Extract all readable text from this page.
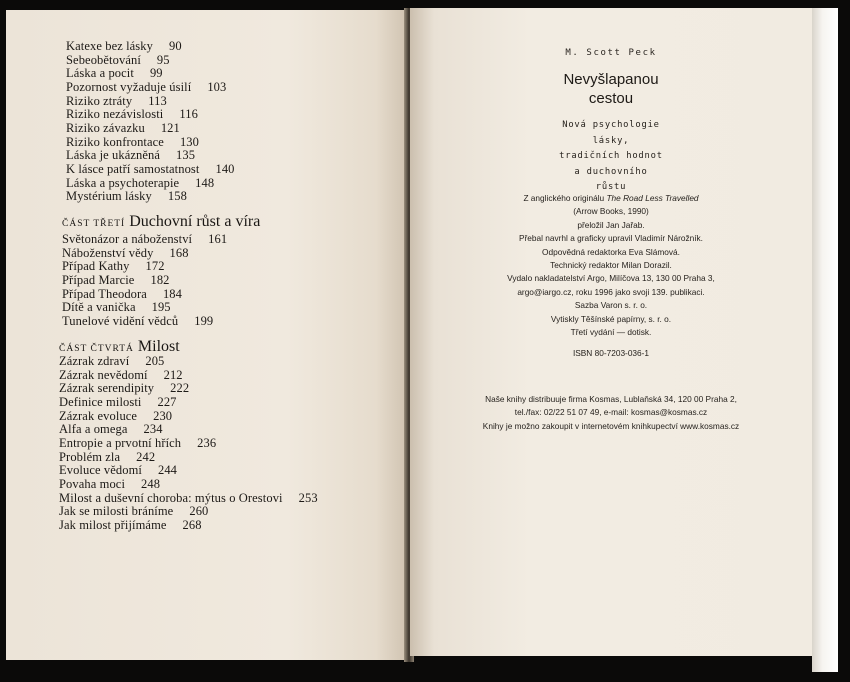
Katexe bez lásky 90
Sebeobětování 95
Láska a pocit 99
Pozornost vyžaduje úsilí 103
Riziko ztráty 113
Riziko nezávislosti 116
Riziko závazku 121
Riziko konfrontace 130
Láska je ukázněná 135
K lásce patří samostatnost 140
Láska a psychoterapie 148
Mystérium lásky 158
ČÁST TŘETÍ Duchovní růst a víra
Světonázor a náboženství 161
Náboženství vědy 168
Případ Kathy 172
Případ Marcie 182
Případ Theodora 184
Dítě a vanička 195
Tunelové vidění vědců 199
ČÁST ČTVRTÁ Milost
Zázrak zdraví 205
Zázrak nevědomí 212
Zázrak serendipity 222
Definice milosti 227
Zázrak evoluce 230
Alfa a omega 234
Entropie a prvotní hřích 236
Problém zla 242
Evoluce vědomí 244
Povaha moci 248
Milost a duševní choroba: mýtus o Orestovi 253
Jak se milosti bráníme 260
Jak milost přijímáme 268
M. Scott Peck
Nevyšlapanou
cestou
Nová psychologie
lásky,
tradičních hodnot
a duchovního
růstu
Z anglického originálu The Road Less Travelled
(Arrow Books, 1990)
přeložil Jan Jařab.
Přebal navrhl a graficky upravil Vladimír Nárožník.
Odpovědná redaktorka Eva Slámová.
Technický redaktor Milan Dorazil.
Vydalo nakladatelství Argo, Milíčova 13, 130 00 Praha 3,
argo@iargo.cz, roku 1996 jako svoji 139. publikaci.
Sazba Varon s. r. o.
Vytiskly Těšínské papírny, s. r. o.
Třetí vydání — dotisk.
ISBN 80-7203-036-1
Naše knihy distribuuje firma Kosmas, Lublaňská 34, 120 00 Praha 2,
tel./fax: 02/22 51 07 49, e-mail: kosmas@kosmas.cz
Knihy je možno zakoupit v internetovém knihkupectví www.kosmas.cz
